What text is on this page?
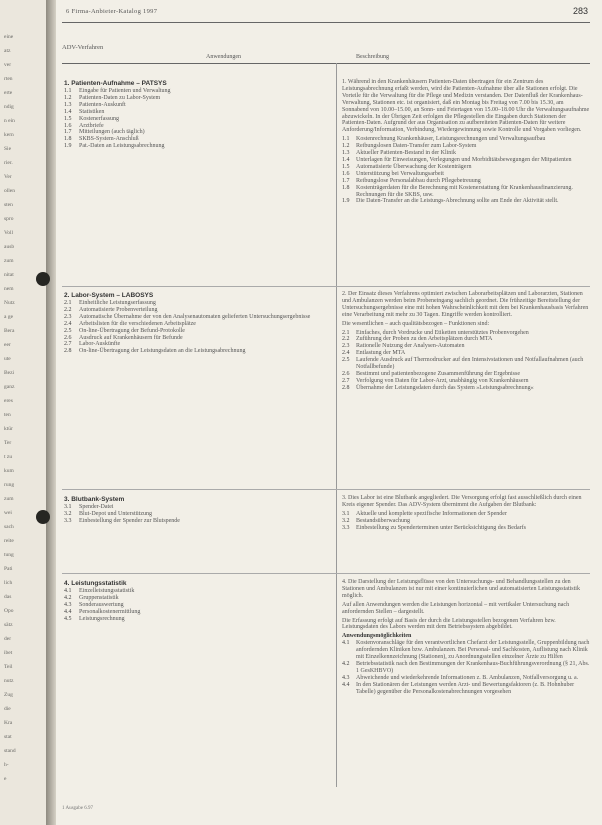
eine
atz
ver
rten
erte
ndig
n ein
kern
Sie
rier.
Ver
ollen
sten
spro
Voll
ausb
zum
nitat
nem
Nutz
a ge
Bera
eer
ute
Bezi
ganz
eres
ten
ktür
Ter
t zu
kum
rung
zum
wei
sach
reite
tung
Pati
lich
das
Opo
sätz
der
ibet
Teil
nutz
Zug
die
Kra
stat
stand
h-
e
6 Firma-Anbieter-Katalog 1997	283
ADV-Verfahren
Anwendungen	Beschreibung
1. Patienten-Aufnahme – PATSYS
1.1 Eingabe für Patienten und Verwaltung
1.2 Patienten-Daten zu Labor-System
1.3 Patienten-Auskunft
1.4 Statistiken
1.5 Kostenerfassung
1.6 Arztbriefe
1.7 Mitteilungen (auch täglich)
1.8 SKBS-System-Anschluß
1.9 Pat.-Daten an Leistungsabrechnung
1. Während in den Krankenhäusern Patienten-Daten übertragen für ein Zentrum des Leistungsabrechnung erfaßt werden, wird die Patienten-Aufnahme über alle Stationen erfolgt. Die Vorteile für die Verwaltung für die Pflege und Medizin verstanden. Der Datenfluß der Krankenhaus-Verwaltung, Stationen etc. ist organisiert, daß ein Montag bis Freitag von 7.00 bis 15.30, am Sonnabend von 10.00–15.00, an Sonn- und Feiertagen von 15.00–18.00 Uhr die Verwaltungsaufnahme abzuwickeln. In der Übrigen Zeit erfolgen die Pflegestellen die Eingaben durch Stationen der Patienten-Daten. Aufgrund der aus Organisation zu aufbereiteten Patienten-Daten für weitere Anforderung/Information, Verbindung, Wiedergewinnung sowie Kontrolle und Vorgaben vorliegen.
1.1 Kostenrechnung Krankenhäuser, Leistungsrechnungen und Verwaltungsaufbau
1.2 Reibungslosen Daten-Transfer zum Labor-System
1.3 Aktueller Patienten-Bestand in der Klinik
1.4 Unterlagen für Einweisungen, Verlegungen und Morbiditätsbewegungen der Mitpatienten
1.5 Automatisierte Überwachung der Kostenträgern
1.6 Unterstützung bei Verwaltungsarbeit
1.7 Reibungslose Personalabbau durch Pflegebetreuung
1.8 Kostenträgerdaten für die Berechnung mit Kostenerstattung für Krankenhausfinanzierung. Rechnungen für die SKBS, usw.
1.9 Die Daten-Transfer an die Leistungs-Abrechnung sollte am Ende der Aktivität stellt.
2. Labor-System – LABOSYS
2.1 Einheitliche Leistungserfassung
2.2 Automatisierte Probenverteilung
2.3 Automatische Übernahme der von den Analysenautomaten gelieferten Untersuchungsergebnisse
2.4 Arbeitslisten für die verschiedenen Arbeitsplätze
2.5 On-line-Übertragung der Befund-Protokolle
2.6 Ausdruck auf Krankenhäusern für Befunde
2.7 Labor-Auskünfte
2.8 On-line-Übertragung der Leistungsdaten an die Leistungsabrechnung
2. Der Einsatz dieses Verfahrens optimiert zwischen Laborarbeitsplätzen und Laborarzten, Stationen und Ambulanzen werden beim Probeneingang sachlich geordnet. Die frühzeitige Bereitstellung der Untersuchungsergebnisse eine mit hohen Wahrscheinlichkeit mit dem bei Krankenhausbasis Verfahren eine Verarbeitung mit mehr zu 30 Tagen. Eingriffe werden kontrolliert.
Die wesentlichen – auch qualitätsbezogen – Funktionen sind:
2.1 Einfaches, durch Vordrucke und Etiketten unterstütztes Probenvorgehen
2.2 Zuführung der Proben zu den Arbeitsplätzen durch MTA
2.3 Rationelle Nutzung der Analysen-Automaten
2.4 Entlastung der MTA
2.5 Laufende Ausdruck auf Thermodrucker auf den Intensivstationen und Notfallaufnahmen (auch Notfallbefunde)
2.6 Bestimmt und patientenbezogene Zusammenführung der Ergebnisse
2.7 Verfolgung von Daten für Labor-Arzt, unabhängig von Krankenhäusern
2.8 Übernahme der Leistungsdaten durch das System »Leistungsabrechnung«
3. Blutbank-System
3.1 Spender-Datei
3.2 Blut-Depot und Unterstützung
3.3 Einbestellung der Spender zur Blutspende
3. Dies Labor ist eine Blutbank angegliedert. Die Versorgung erfolgt fast ausschließlich durch einen Kreis eigener Spender. Das ADV-System übernimmt die Aufgaben der Blutbank:
3.1 Aktuelle und komplette spezifische Informationen der Spender
3.2 Bestandsüberwachung
3.3 Einbestellung zu Spenderterminen unter Berücksichtigung des Bedarfs
4. Leistungsstatistik
4.1 Einzelleistungsstatistik
4.2 Gruppenstatistik
4.3 Sonderauswertung
4.4 Personalkostenermittlung
4.5 Leistungsrechnung
4. Die Darstellung der Leistungsflüsse von den Untersuchungs- und Behandlungsstellen zu den Stationen und Ambulanzen ist nur mit einer kontinuierlichen und automatisierten Leistungsstatistik möglich.
Auf allen Anwendungen werden die Leistungen horizontal – mit vertikaler Untersuchung nach anfordernden Stellen – dargestellt.
Die Erfassung erfolgt auf Basis der durch die Leistungsstellen bezogenen Verfahren bzw. Leistungsdaten des Labors werden mit dem Betriebssystem abgebildet.
Anwendungsmöglichkeiten
4.1 Kostenvoranschläge für den verantwortlichen Chefarzt der Leistungsstelle, Gruppenbildung nach anfordernden Kliniken bzw. Ambulanzen. Bei Personal- und Sachkosten, Auflistung nach Klinik mit Einzelkennzeichnung (Stationen), zu Anordnungsstellen einzelner Ärzte zu Hilfen
4.2 Betriebsstatistik nach den Bestimmungen der Krankenhaus-Buchführungsverordnung (§ 21, Abs. 1 GesKHBVO)
4.3 Abweichende und wiederkehrende Informationen z. B. Ambulanzen, Notfallversorgung u. a.
4.4 In den Stationären der Leistungen werden Arzt- und Bewertungsfaktoren (z. B. Hohnhuber Tabelle) gegenüber die Personalkostenabrechnungen vorgesehen
1 Ausgabe 6.97
